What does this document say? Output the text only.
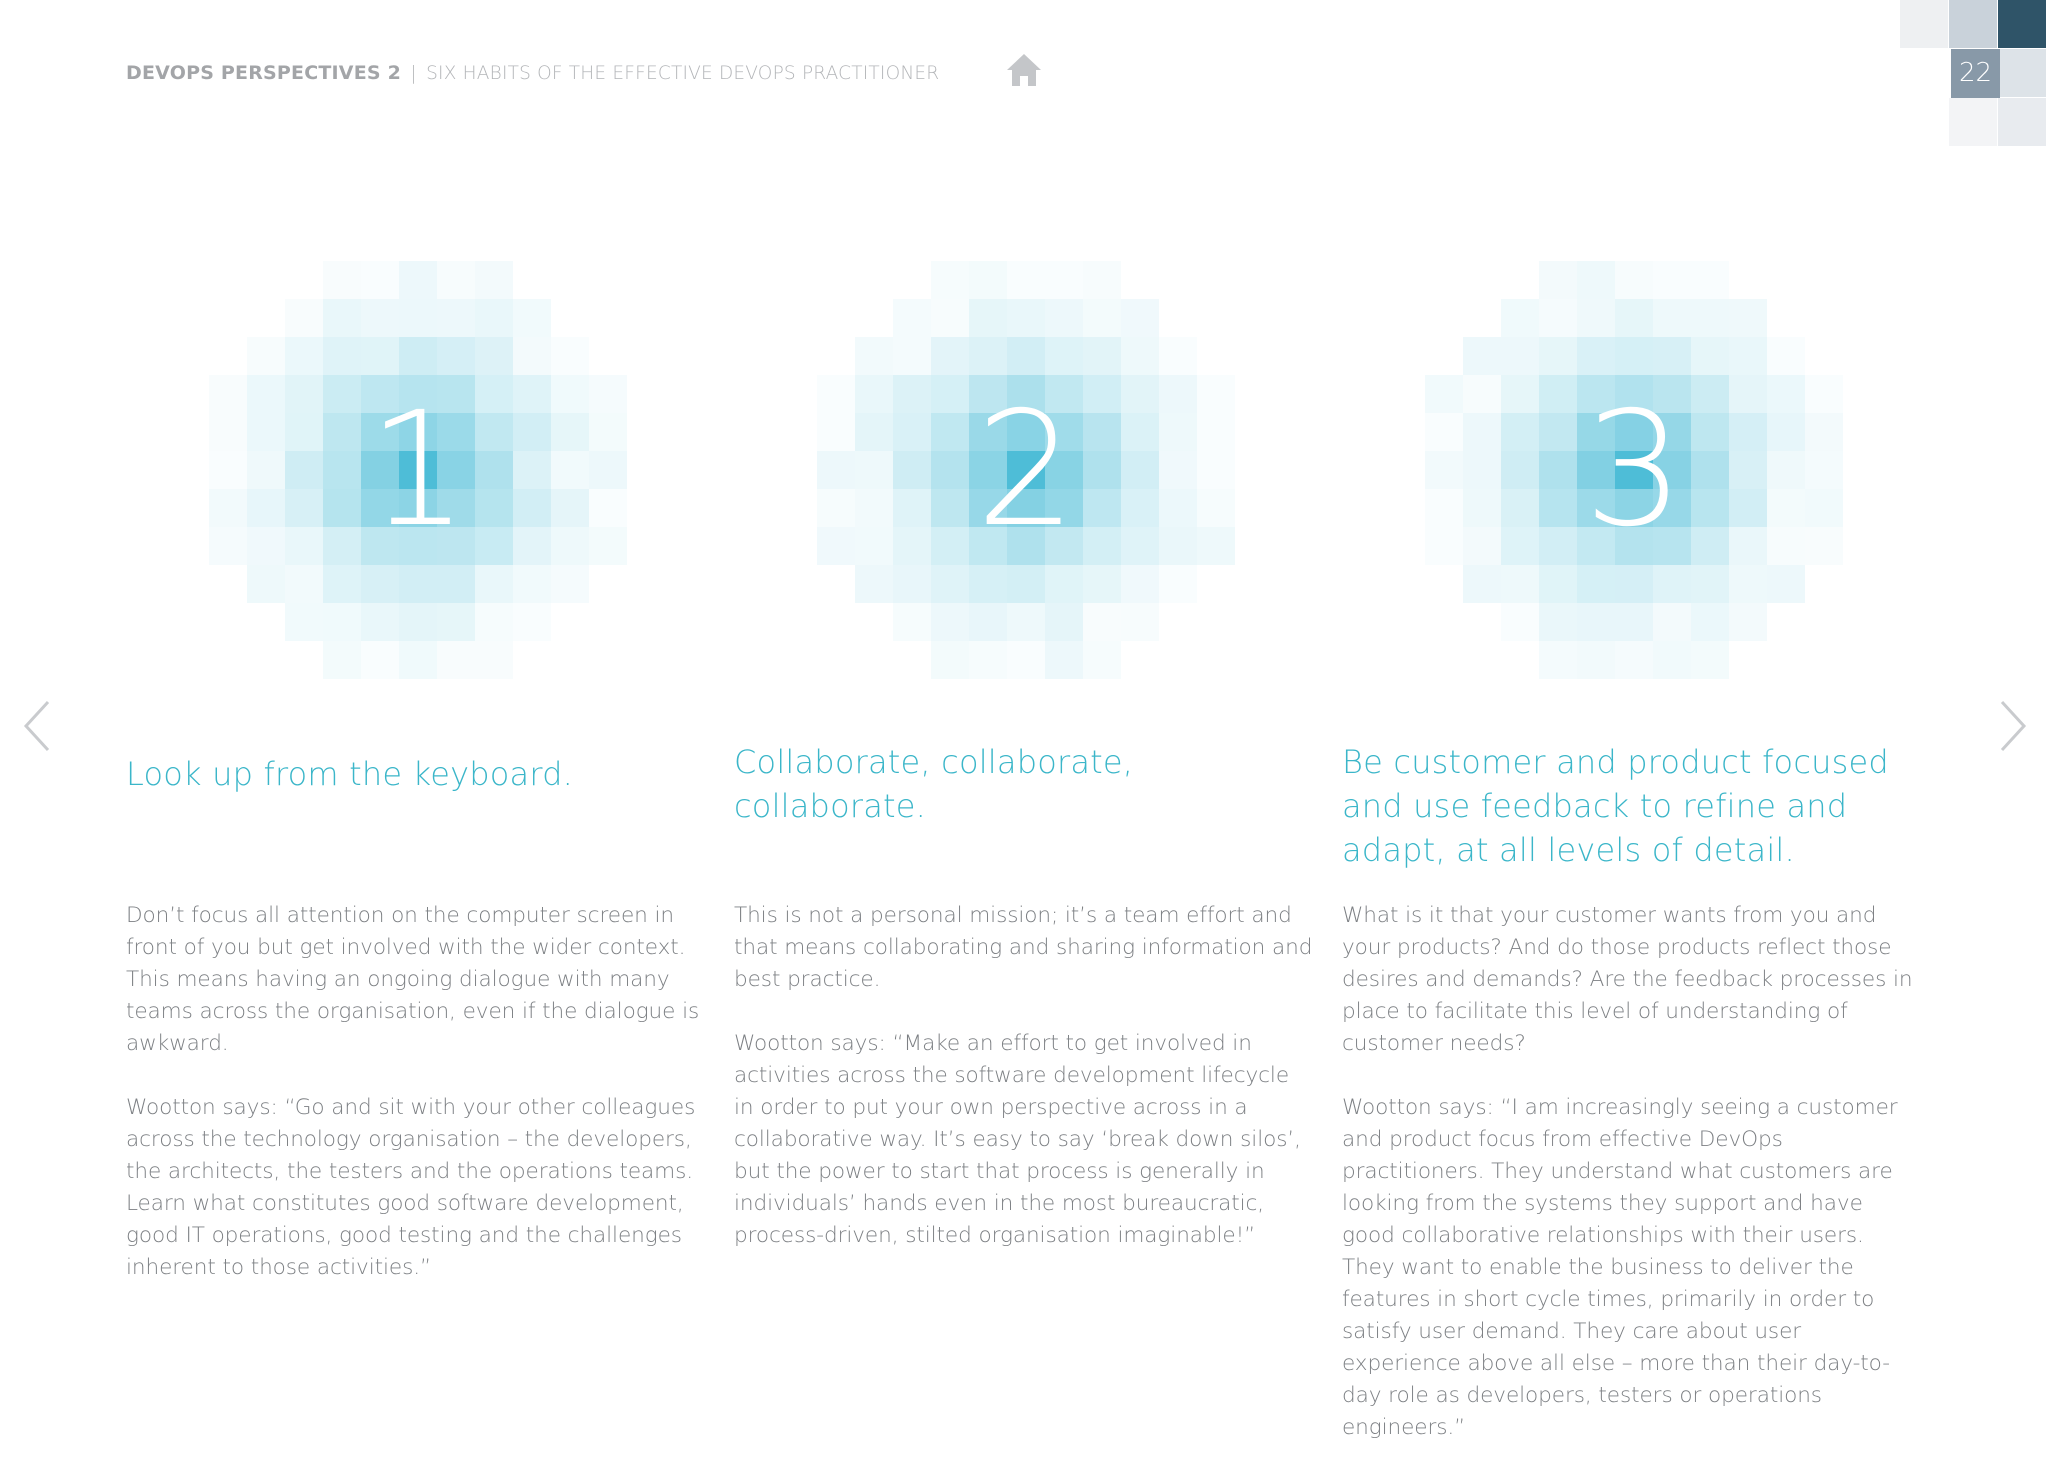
DEVOPS PERSPECTIVES 2 | SIX HABITS OF THE EFFECTIVE DEVOPS PRACTITIONER	22
1	2	3
Look up from the keyboard.

Don’t focus all attention on the computer screen in front of you but get involved with the wider context. This means having an ongoing dialogue with many teams across the organisation, even if the dialogue is awkward.

Wootton says: “Go and sit with your other colleagues across the technology organisation – the developers, the architects, the testers and the operations teams. Learn what constitutes good software development, good IT operations, good testing and the challenges inherent to those activities.”

Collaborate, collaborate, collaborate.

This is not a personal mission; it’s a team effort and that means collaborating and sharing information and best practice.

Wootton says: “Make an effort to get involved in activities across the software development lifecycle in order to put your own perspective across in a collaborative way. It’s easy to say ‘break down silos’, but the power to start that process is generally in individuals’ hands even in the most bureaucratic, process-driven, stilted organisation imaginable!”

Be customer and product focused and use feedback to refine and adapt, at all levels of detail.

What is it that your customer wants from you and your products? And do those products reflect those desires and demands? Are the feedback processes in place to facilitate this level of understanding of customer needs?

Wootton says: “I am increasingly seeing a customer and product focus from effective DevOps practitioners. They understand what customers are looking from the systems they support and have good collaborative relationships with their users. They want to enable the business to deliver the features in short cycle times, primarily in order to satisfy user demand. They care about user experience above all else – more than their day-to-day role as developers, testers or operations engineers.”
